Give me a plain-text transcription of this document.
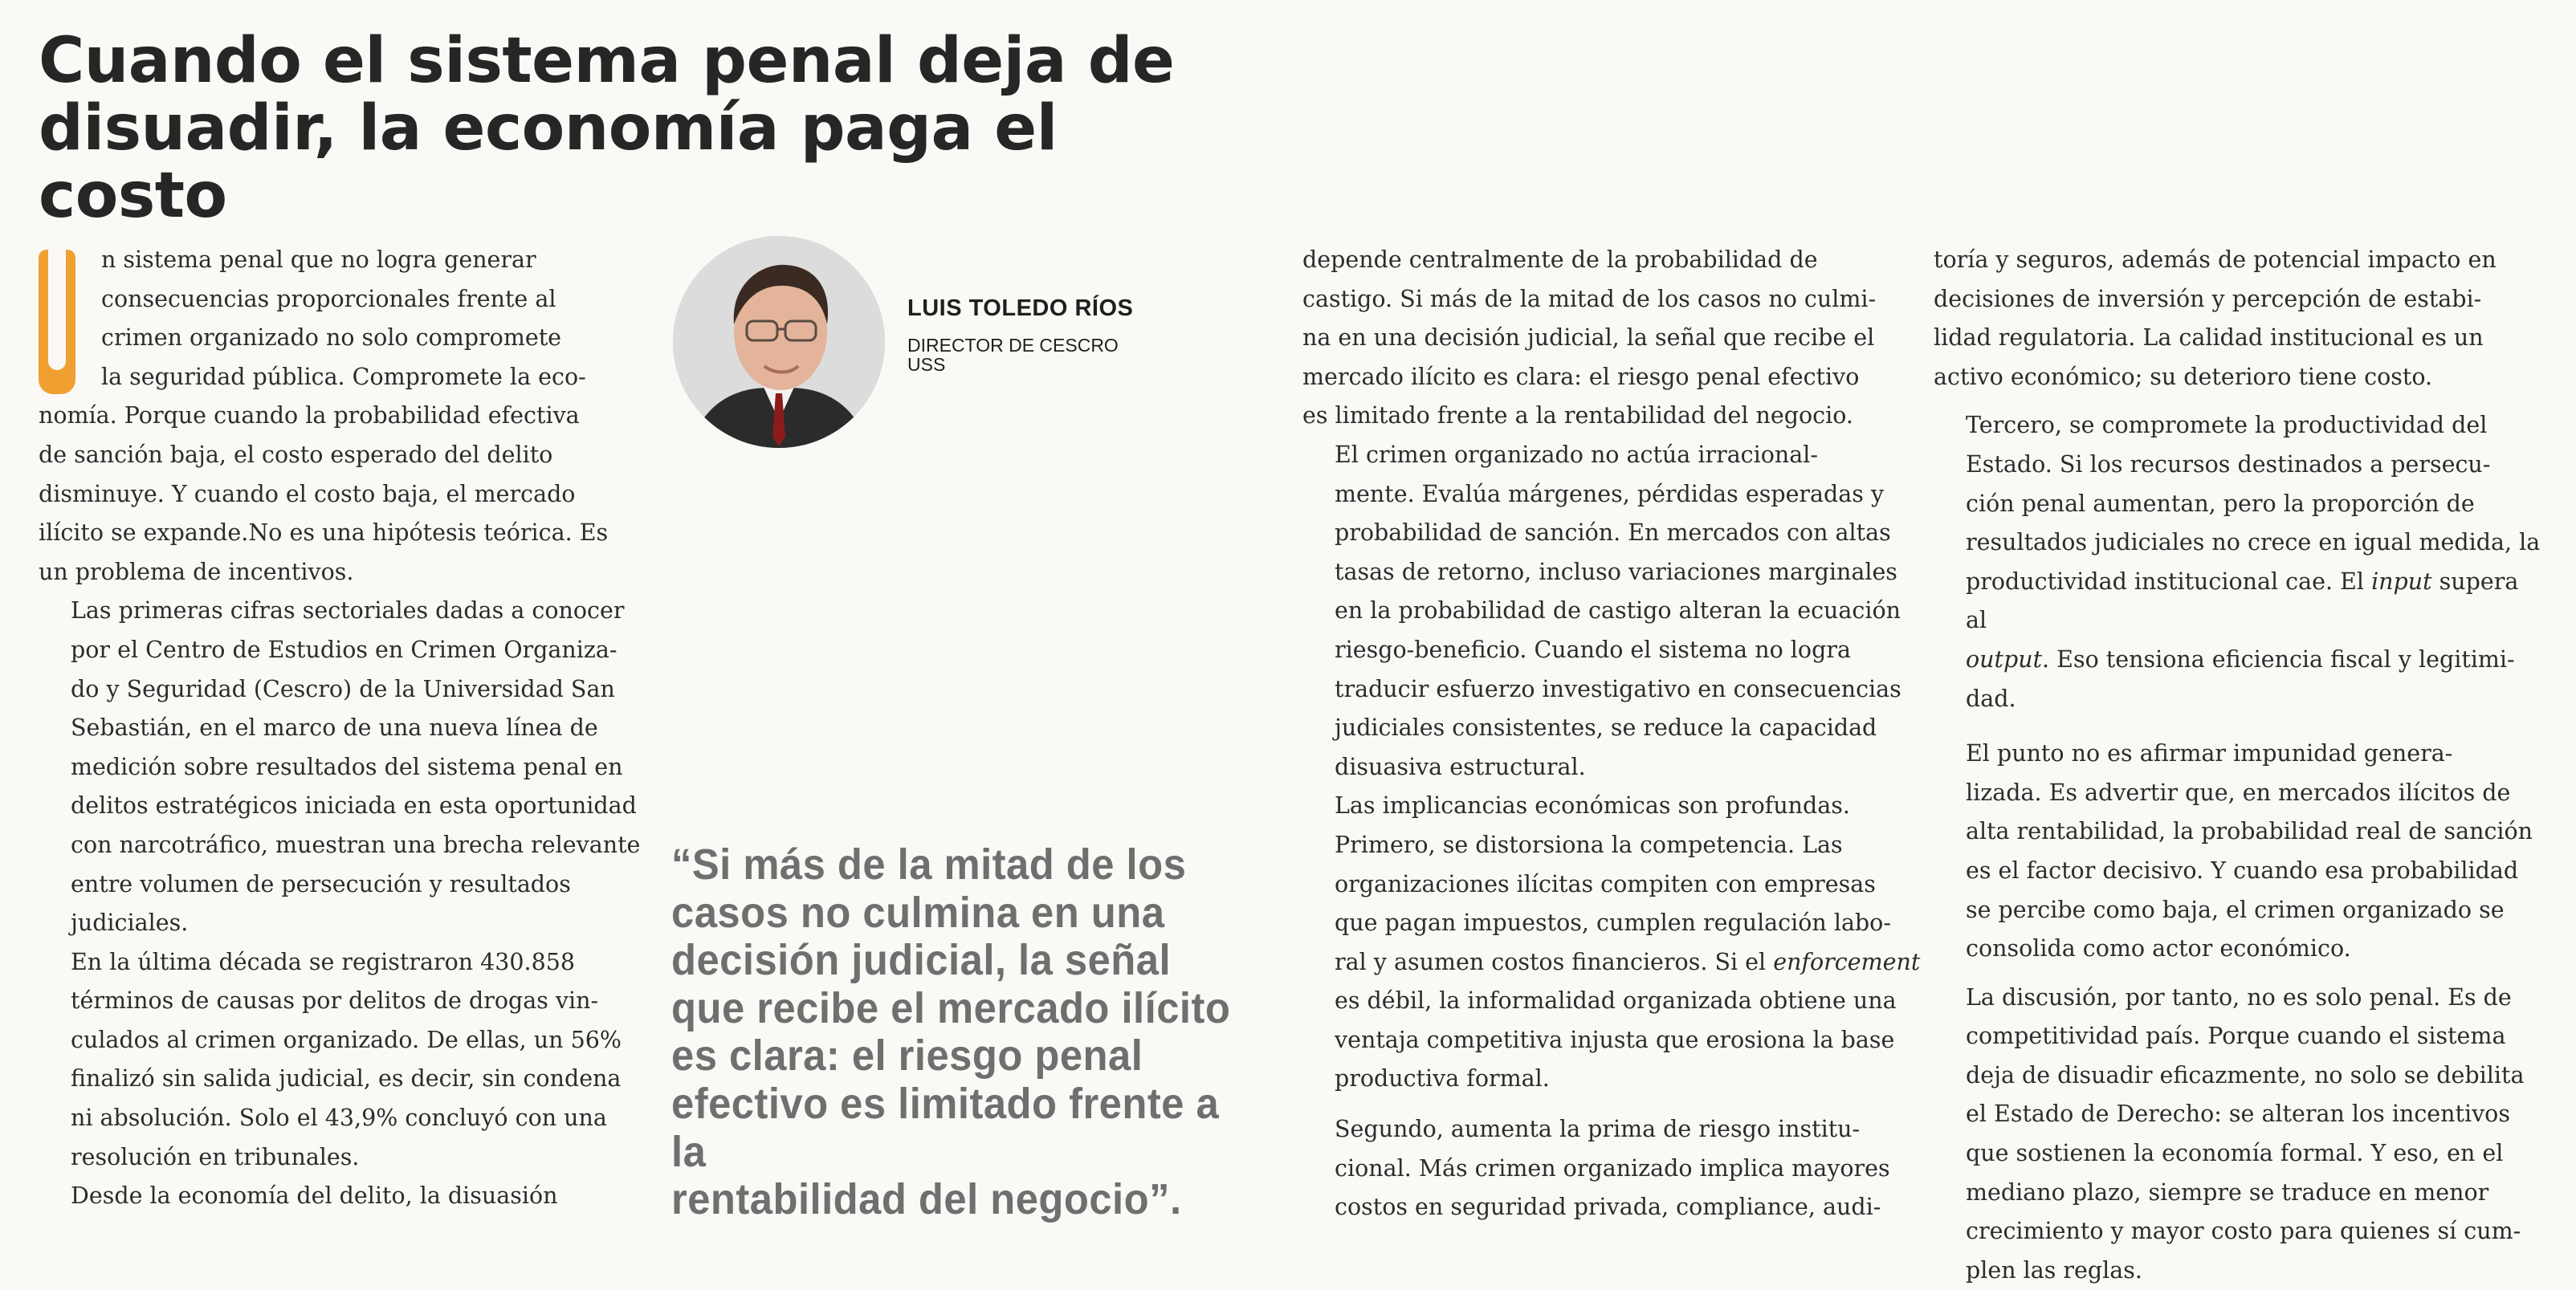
Cuando el sistema penal deja de disuadir, la economía paga el costo

n sistema penal que no logra generar
consecuencias proporcionales frente al
crimen organizado no solo compromete
la seguridad pública. Compromete la eco-

nomía. Porque cuando la probabilidad efectiva
de sanción baja, el costo esperado del delito
disminuye. Y cuando el costo baja, el mercado
ilícito se expande.No es una hipótesis teórica. Es
un problema de incentivos.

Las primeras cifras sectoriales dadas a conocer
por el Centro de Estudios en Crimen Organiza-
do y Seguridad (Cescro) de la Universidad San
Sebastián, en el marco de una nueva línea de
medición sobre resultados del sistema penal en
delitos estratégicos iniciada en esta oportunidad
con narcotráfico, muestran una brecha relevante
entre volumen de persecución y resultados
judiciales.

En la última década se registraron 430.858
términos de causas por delitos de drogas vin-
culados al crimen organizado. De ellas, un 56%
finalizó sin salida judicial, es decir, sin condena
ni absolución. Solo el 43,9% concluyó con una
resolución en tribunales.

Desde la economía del delito, la disuasión

LUIS TOLEDO RÍOS

DIRECTOR DE CESCRO
USS

“Si más de la mitad de los
casos no culmina en una
decisión judicial, la señal
que recibe el mercado ilícito
es clara: el riesgo penal
efectivo es limitado frente a la
rentabilidad del negocio”.

depende centralmente de la probabilidad de
castigo. Si más de la mitad de los casos no culmi-
na en una decisión judicial, la señal que recibe el
mercado ilícito es clara: el riesgo penal efectivo
es limitado frente a la rentabilidad del negocio.

El crimen organizado no actúa irracional-
mente. Evalúa márgenes, pérdidas esperadas y
probabilidad de sanción. En mercados con altas
tasas de retorno, incluso variaciones marginales
en la probabilidad de castigo alteran la ecuación
riesgo-beneficio. Cuando el sistema no logra
traducir esfuerzo investigativo en consecuencias
judiciales consistentes, se reduce la capacidad
disuasiva estructural.

Las implicancias económicas son profundas.

Primero, se distorsiona la competencia. Las
organizaciones ilícitas compiten con empresas
que pagan impuestos, cumplen regulación labo-
ral y asumen costos financieros. Si el enforcement
es débil, la informalidad organizada obtiene una
ventaja competitiva injusta que erosiona la base
productiva formal.

Segundo, aumenta la prima de riesgo institu-
cional. Más crimen organizado implica mayores
costos en seguridad privada, compliance, audi-

toría y seguros, además de potencial impacto en
decisiones de inversión y percepción de estabi-
lidad regulatoria. La calidad institucional es un
activo económico; su deterioro tiene costo.

Tercero, se compromete la productividad del
Estado. Si los recursos destinados a persecu-
ción penal aumentan, pero la proporción de
resultados judiciales no crece en igual medida, la
productividad institucional cae. El input supera al
output. Eso tensiona eficiencia fiscal y legitimi-
dad.

El punto no es afirmar impunidad genera-
lizada. Es advertir que, en mercados ilícitos de
alta rentabilidad, la probabilidad real de sanción
es el factor decisivo. Y cuando esa probabilidad
se percibe como baja, el crimen organizado se
consolida como actor económico.

La discusión, por tanto, no es solo penal. Es de
competitividad país. Porque cuando el sistema
deja de disuadir eficazmente, no solo se debilita
el Estado de Derecho: se alteran los incentivos
que sostienen la economía formal. Y eso, en el
mediano plazo, siempre se traduce en menor
crecimiento y mayor costo para quienes sí cum-
plen las reglas.
